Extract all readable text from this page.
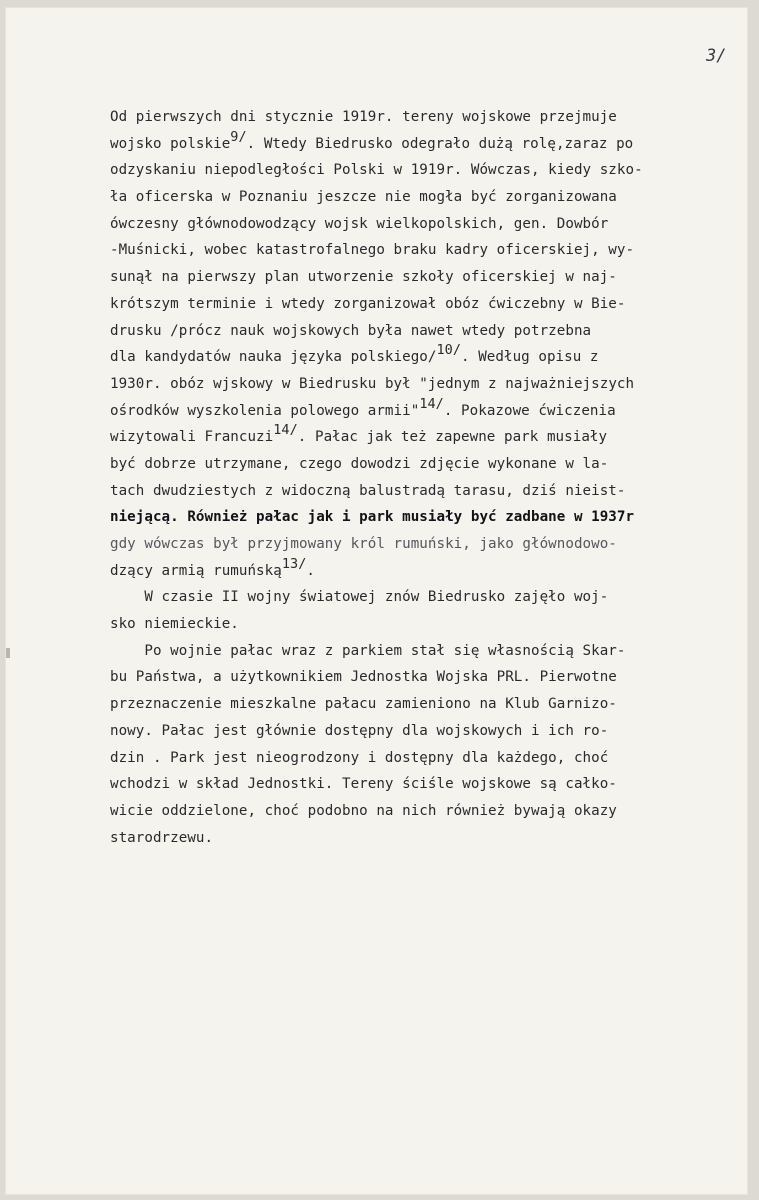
3/
Od pierwszych dni stycznie 1919r. tereny wojskowe przejmuje
wojsko polskie9/. Wtedy Biedrusko odegrało dużą rolę,zaraz po
odzyskaniu niepodległości Polski w 1919r. Wówczas, kiedy szko-
ła oficerska w Poznaniu jeszcze nie mogła być zorganizowana
ówczesny głównodowodzący wojsk wielkopolskich, gen. Dowbór
-Muśnicki, wobec katastrofalnego braku kadry oficerskiej, wy-
sunął na pierwszy plan utworzenie szkoły oficerskiej w naj-
krótszym terminie i wtedy zorganizował obóz ćwiczebny w Bie-
drusku /prócz nauk wojskowych była nawet wtedy potrzebna
dla kandydatów nauka języka polskiego/10/. Według opisu z
1930r. obóz wjskowy w Biedrusku był "jednym z najważniejszych
ośrodków wyszkolenia polowego armii"14/. Pokazowe ćwiczenia
wizytowali Francuzi14/. Pałac jak też zapewne park musiały
być dobrze utrzymane, czego dowodzi zdjęcie wykonane w la-
tach dwudziestych z widoczną balustradą tarasu, dziś nieist-
niejącą. Również pałac jak i park musiały być zadbane w 1937r
gdy wówczas był przyjmowany król rumuński, jako głównodowo-
dzący armią rumuńską13/.
W czasie II wojny światowej znów Biedrusko zajęło woj-
sko niemieckie.
Po wojnie pałac wraz z parkiem stał się własnością Skar-
bu Państwa, a użytkownikiem Jednostka Wojska PRL. Pierwotne
przeznaczenie mieszkalne pałacu zamieniono na Klub Garnizo-
nowy. Pałac jest głównie dostępny dla wojskowych i ich ro-
dzin . Park jest nieogrodzony i dostępny dla każdego, choć
wchodzi w skład Jednostki. Tereny ściśle wojskowe są całko-
wicie oddzielone, choć podobno na nich również bywają okazy
starodrzewu.
